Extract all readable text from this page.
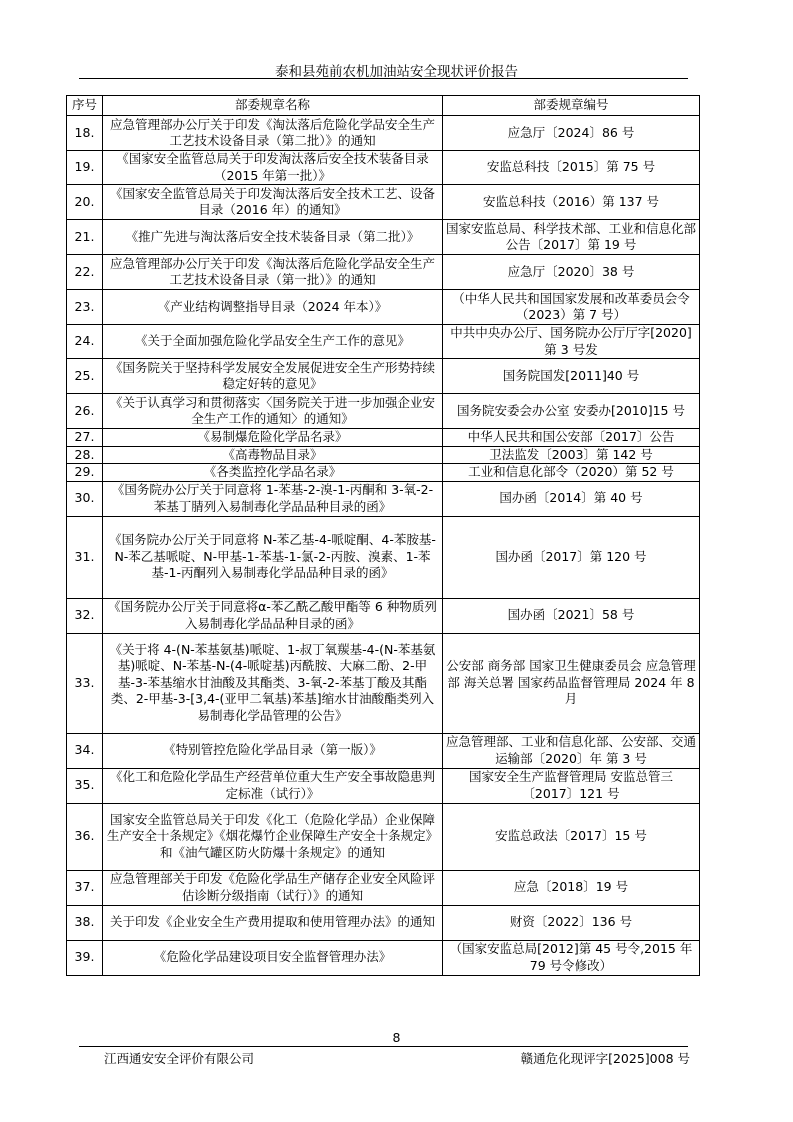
泰和县苑前农机加油站安全现状评价报告
序号	部委规章名称	部委规章编号
18.	应急管理部办公厅关于印发《淘汰落后危险化学品安全生产工艺技术设备目录（第二批）》的通知	应急厅〔2024〕86 号
19.	《国家安全监管总局关于印发淘汰落后安全技术装备目录（2015 年第一批）》	安监总科技〔2015〕第 75 号
20.	《国家安全监管总局关于印发淘汰落后安全技术工艺、设备目录（2016 年）的通知》	安监总科技（2016）第 137 号
21.	《推广先进与淘汰落后安全技术装备目录（第二批）》	国家安监总局、科学技术部、工业和信息化部公告〔2017〕第 19 号
22.	应急管理部办公厅关于印发《淘汰落后危险化学品安全生产工艺技术设备目录（第一批）》的通知	应急厅〔2020〕38 号
23.	《产业结构调整指导目录（2024 年本）》	（中华人民共和国国家发展和改革委员会令（2023）第 7 号）
24.	《关于全面加强危险化学品安全生产工作的意见》	中共中央办公厅、国务院办公厅厅字[2020]第 3 号发
25.	《国务院关于坚持科学发展安全发展促进安全生产形势持续稳定好转的意见》	国务院国发[2011]40 号
26.	《关于认真学习和贯彻落实〈国务院关于进一步加强企业安全生产工作的通知〉的通知》	国务院安委会办公室 安委办[2010]15 号
27.	《易制爆危险化学品名录》	中华人民共和国公安部〔2017〕公告
28.	《高毒物品目录》	卫法监发〔2003〕第 142 号
29.	《各类监控化学品名录》	工业和信息化部令（2020）第 52 号
30.	《国务院办公厅关于同意将 1-苯基-2-溴-1-丙酮和 3-氧-2-苯基丁腈列入易制毒化学品品种目录的函》	国办函〔2014〕第 40 号
31.	《国务院办公厅关于同意将 N-苯乙基-4-哌啶酮、4-苯胺基-N-苯乙基哌啶、N-甲基-1-苯基-1-氯-2-丙胺、溴素、1-苯基-1-丙酮列入易制毒化学品品种目录的函》	国办函〔2017〕第 120 号
32.	《国务院办公厅关于同意将α-苯乙酰乙酸甲酯等 6 种物质列入易制毒化学品品种目录的函》	国办函〔2021〕58 号
33.	《关于将 4-(N-苯基氨基)哌啶、1-叔丁氧羰基-4-(N-苯基氨基)哌啶、N-苯基-N-(4-哌啶基)丙酰胺、大麻二酚、2-甲基-3-苯基缩水甘油酸及其酯类、3-氧-2-苯基丁酸及其酯类、2-甲基-3-[3,4-(亚甲二氧基)苯基]缩水甘油酸酯类列入易制毒化学品管理的公告》	公安部 商务部 国家卫生健康委员会 应急管理部 海关总署 国家药品监督管理局 2024 年 8 月
34.	《特别管控危险化学品目录（第一版）》	应急管理部、工业和信息化部、公安部、交通运输部〔2020〕年 第 3 号
35.	《化工和危险化学品生产经营单位重大生产安全事故隐患判定标准（试行）》	国家安全生产监督管理局 安监总管三〔2017〕121 号
36.	国家安全监管总局关于印发《化工（危险化学品）企业保障生产安全十条规定》《烟花爆竹企业保障生产安全十条规定》和《油气罐区防火防爆十条规定》的通知	安监总政法〔2017〕15 号
37.	应急管理部关于印发《危险化学品生产储存企业安全风险评估诊断分级指南（试行）》的通知	应急〔2018〕19 号
38.	关于印发《企业安全生产费用提取和使用管理办法》的通知	财资〔2022〕136 号
39.	《危险化学品建设项目安全监督管理办法》	（国家安监总局[2012]第 45 号令,2015 年 79 号令修改）
8
江西通安安全评价有限公司	赣通危化现评字[2025]008 号
